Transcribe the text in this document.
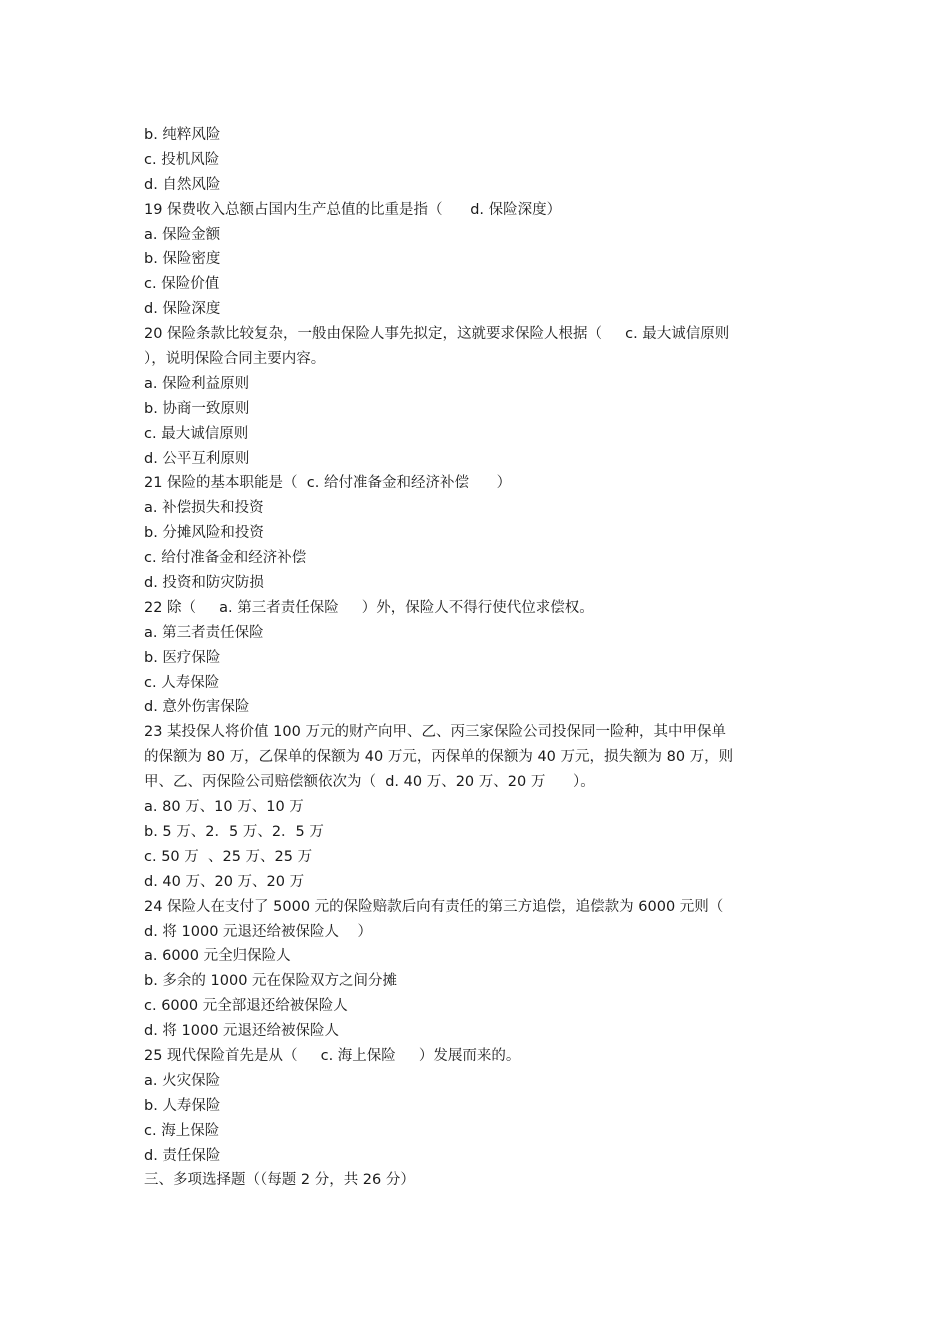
b. 纯粹风险

c. 投机风险

d. 自然风险

19 保费收入总额占国内生产总值的比重是指（      d. 保险深度）

a. 保险金额

b. 保险密度

c. 保险价值

d. 保险深度

20 保险条款比较复杂，一般由保险人事先拟定，这就要求保险人根据（     c. 最大诚信原则

），说明保险合同主要内容。

a. 保险利益原则

b. 协商一致原则

c. 最大诚信原则

d. 公平互利原则

21 保险的基本职能是（  c. 给付准备金和经济补偿      ）

a. 补偿损失和投资

b. 分摊风险和投资

c. 给付准备金和经济补偿

d. 投资和防灾防损

22 除（     a. 第三者责任保险     ）外，保险人不得行使代位求偿权。

a. 第三者责任保险

b. 医疗保险

c. 人寿保险

d. 意外伤害保险

23 某投保人将价值 100 万元的财产向甲、乙、丙三家保险公司投保同一险种，其中甲保单

的保额为 80 万，乙保单的保额为 40 万元，丙保单的保额为 40 万元，损失额为 80 万，则

甲、乙、丙保险公司赔偿额依次为（  d. 40 万、20 万、20 万      ）。

a. 80 万、10 万、10 万

b. 5 万、2．5 万、2．5 万

c. 50 万  、25 万、25 万

d. 40 万、20 万、20 万

24 保险人在支付了 5000 元的保险赔款后向有责任的第三方追偿，追偿款为 6000 元则（

d. 将 1000 元退还给被保险人    ）

a. 6000 元全归保险人

b. 多余的 1000 元在保险双方之间分摊

c. 6000 元全部退还给被保险人

d. 将 1000 元退还给被保险人

25 现代保险首先是从（     c. 海上保险     ）发展而来的。

a. 火灾保险

b. 人寿保险

c. 海上保险

d. 责任保险

三、多项选择题（（每题 2 分，共 26 分）
